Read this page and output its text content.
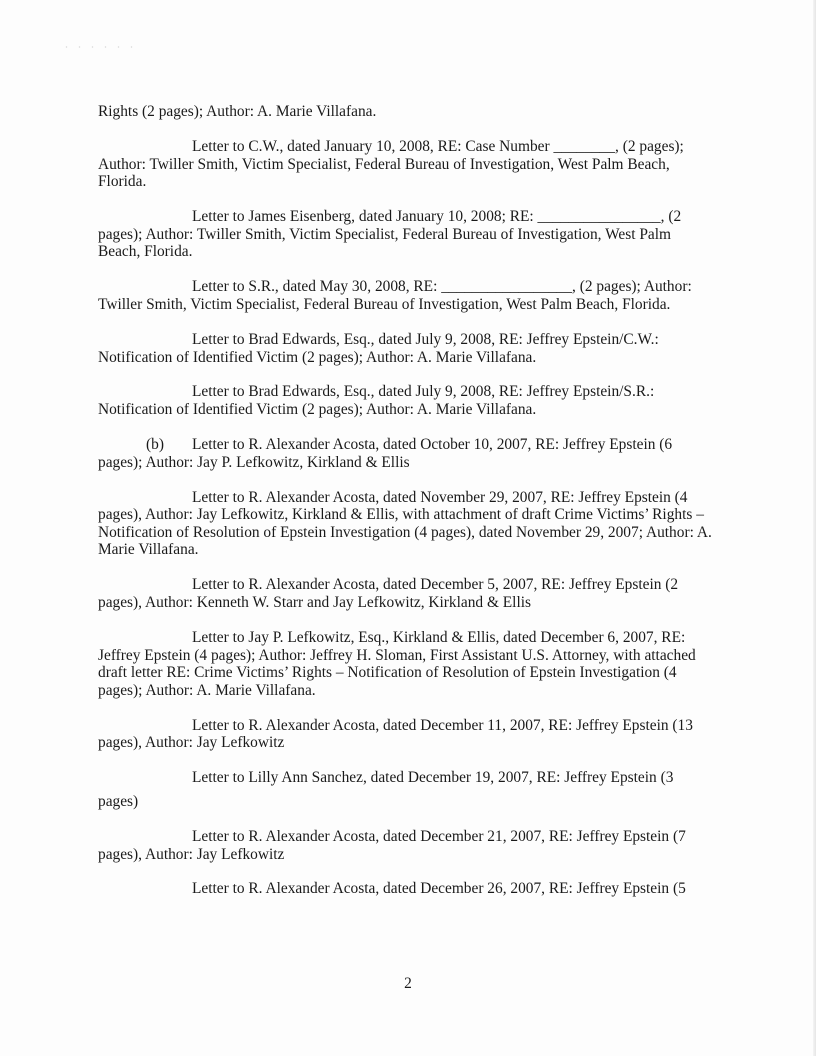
Rights (2 pages); Author: A. Marie Villafana.

Letter to C.W., dated January 10, 2008, RE: Case Number ________, (2 pages); Author: Twiller Smith, Victim Specialist, Federal Bureau of Investigation, West Palm Beach, Florida.

Letter to James Eisenberg, dated January 10, 2008; RE: ________________, (2 pages); Author: Twiller Smith, Victim Specialist, Federal Bureau of Investigation, West Palm Beach, Florida.

Letter to S.R., dated May 30, 2008, RE: _________________, (2 pages); Author: Twiller Smith, Victim Specialist, Federal Bureau of Investigation, West Palm Beach, Florida.

Letter to Brad Edwards, Esq., dated July 9, 2008, RE: Jeffrey Epstein/C.W.: Notification of Identified Victim (2 pages); Author: A. Marie Villafana.

Letter to Brad Edwards, Esq., dated July 9, 2008, RE: Jeffrey Epstein/S.R.: Notification of Identified Victim (2 pages); Author: A. Marie Villafana.

(b) Letter to R. Alexander Acosta, dated October 10, 2007, RE: Jeffrey Epstein (6 pages); Author: Jay P. Lefkowitz, Kirkland & Ellis

Letter to R. Alexander Acosta, dated November 29, 2007, RE: Jeffrey Epstein (4 pages), Author: Jay Lefkowitz, Kirkland & Ellis, with attachment of draft Crime Victims’ Rights – Notification of Resolution of Epstein Investigation (4 pages), dated November 29, 2007; Author: A. Marie Villafana.

Letter to R. Alexander Acosta, dated December 5, 2007, RE: Jeffrey Epstein (2 pages), Author: Kenneth W. Starr and Jay Lefkowitz, Kirkland & Ellis

Letter to Jay P. Lefkowitz, Esq., Kirkland & Ellis, dated December 6, 2007, RE: Jeffrey Epstein (4 pages); Author: Jeffrey H. Sloman, First Assistant U.S. Attorney, with attached draft letter RE: Crime Victims’ Rights – Notification of Resolution of Epstein Investigation (4 pages); Author: A. Marie Villafana.

Letter to R. Alexander Acosta, dated December 11, 2007, RE: Jeffrey Epstein (13 pages), Author: Jay Lefkowitz

Letter to Lilly Ann Sanchez, dated December 19, 2007, RE: Jeffrey Epstein (3

pages)

Letter to R. Alexander Acosta, dated December 21, 2007, RE: Jeffrey Epstein (7 pages), Author: Jay Lefkowitz

Letter to R. Alexander Acosta, dated December 26, 2007, RE: Jeffrey Epstein (5

2
